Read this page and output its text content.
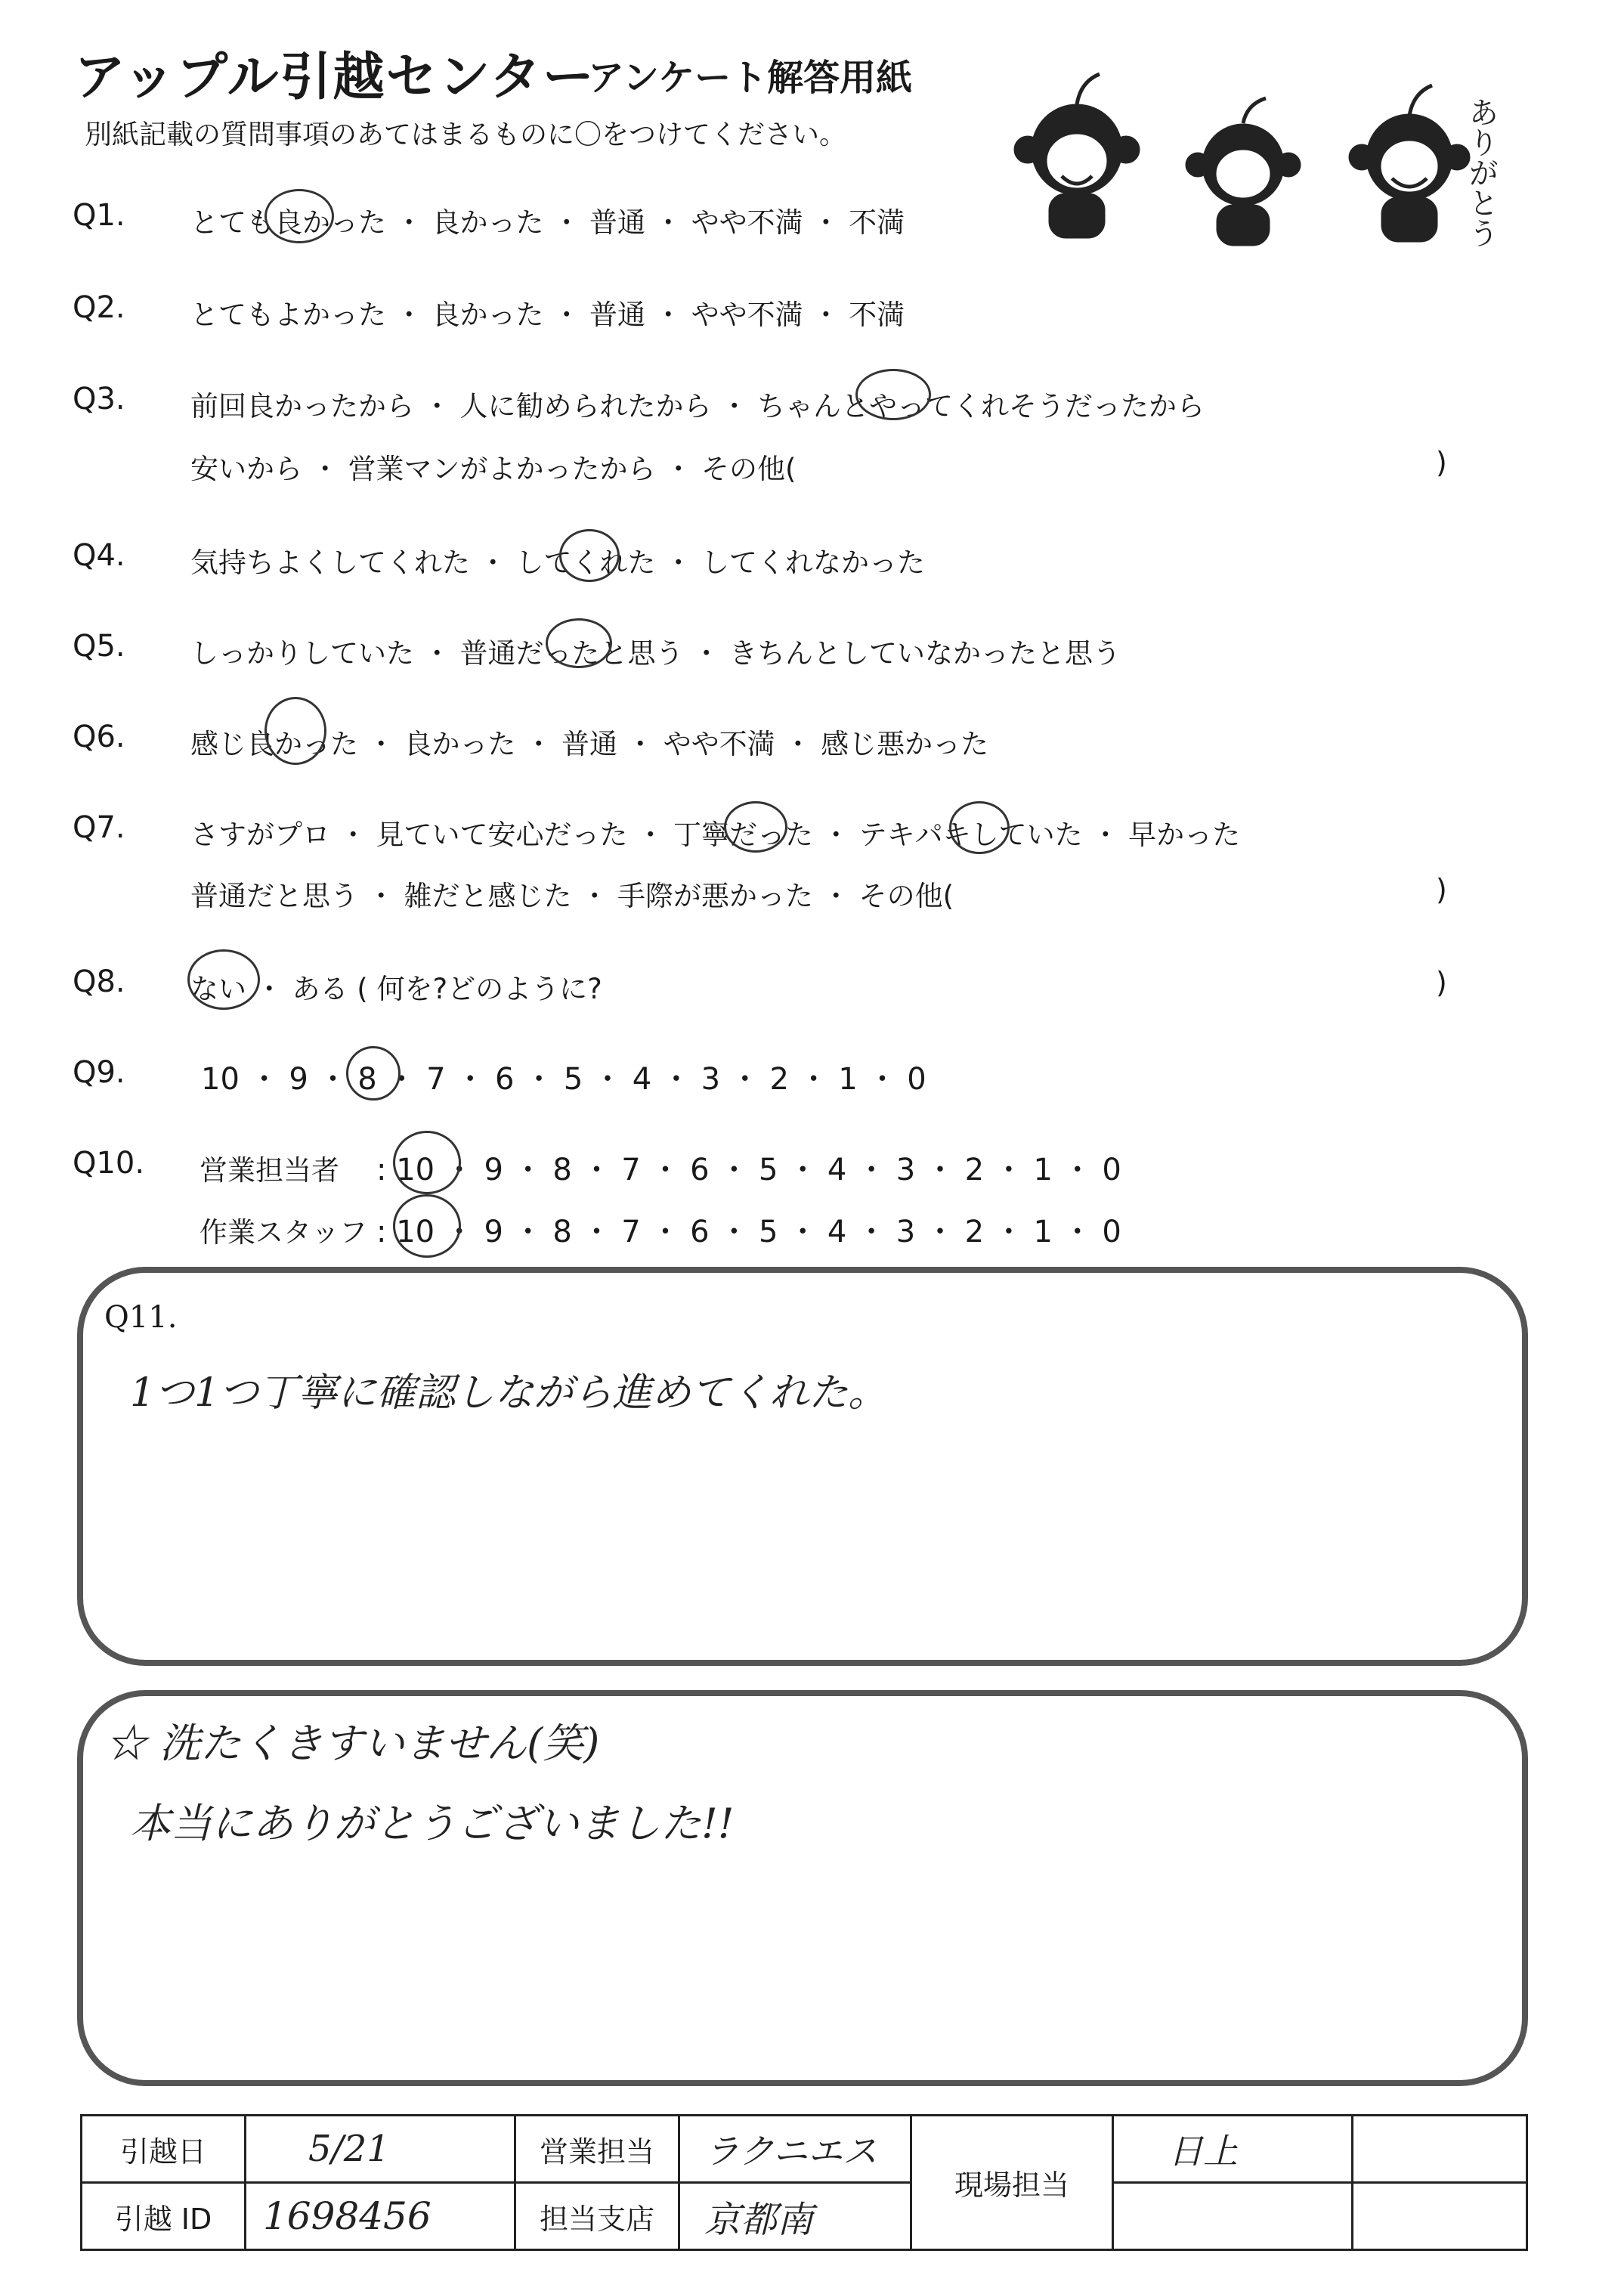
アップル引越センター
アンケート解答用紙
別紙記載の質問事項のあてはまるものに〇をつけてください。	ありがとう
Q1. とても良かった ・ 良かった ・ 普通 ・ やや不満 ・ 不満
Q2. とてもよかった ・ 良かった ・ 普通 ・ やや不満 ・ 不満
Q3. 前回良かったから ・ 人に勧められたから ・ ちゃんとやってくれそうだったから
安いから ・ 営業マンがよかったから ・ その他(	)
Q4. 気持ちよくしてくれた ・ してくれた ・ してくれなかった
Q5. しっかりしていた ・ 普通だったと思う ・ きちんとしていなかったと思う
Q6. 感じ良かった ・ 良かった ・ 普通 ・ やや不満 ・ 感じ悪かった
Q7. さすがプロ ・ 見ていて安心だった ・ 丁寧だった ・ テキパキしていた ・ 早かった
普通だと思う ・ 雑だと感じた ・ 手際が悪かった ・ その他(	)
Q8. ない ・ ある ( 何を?どのように?	)
Q9.	10 ・ 9 ・ 8 ・ 7 ・ 6 ・ 5 ・ 4 ・ 3 ・ 2 ・ 1 ・ 0
Q10. 営業担当者 : 10 ・ 9 ・ 8 ・ 7 ・ 6 ・ 5 ・ 4 ・ 3 ・ 2 ・ 1 ・ 0
作業スタッフ : 10 ・ 9 ・ 8 ・ 7 ・ 6 ・ 5 ・ 4 ・ 3 ・ 2 ・ 1 ・ 0
Q11.
1つ1つ丁寧に確認しながら進めてくれた。
☆ 洗たくきすいません(笑)
本当にありがとうございました!!
引越日	5/21	営業担当	ラクニエス	現場担当	日上	
引越 ID	1698456	担当支店	京都南			
